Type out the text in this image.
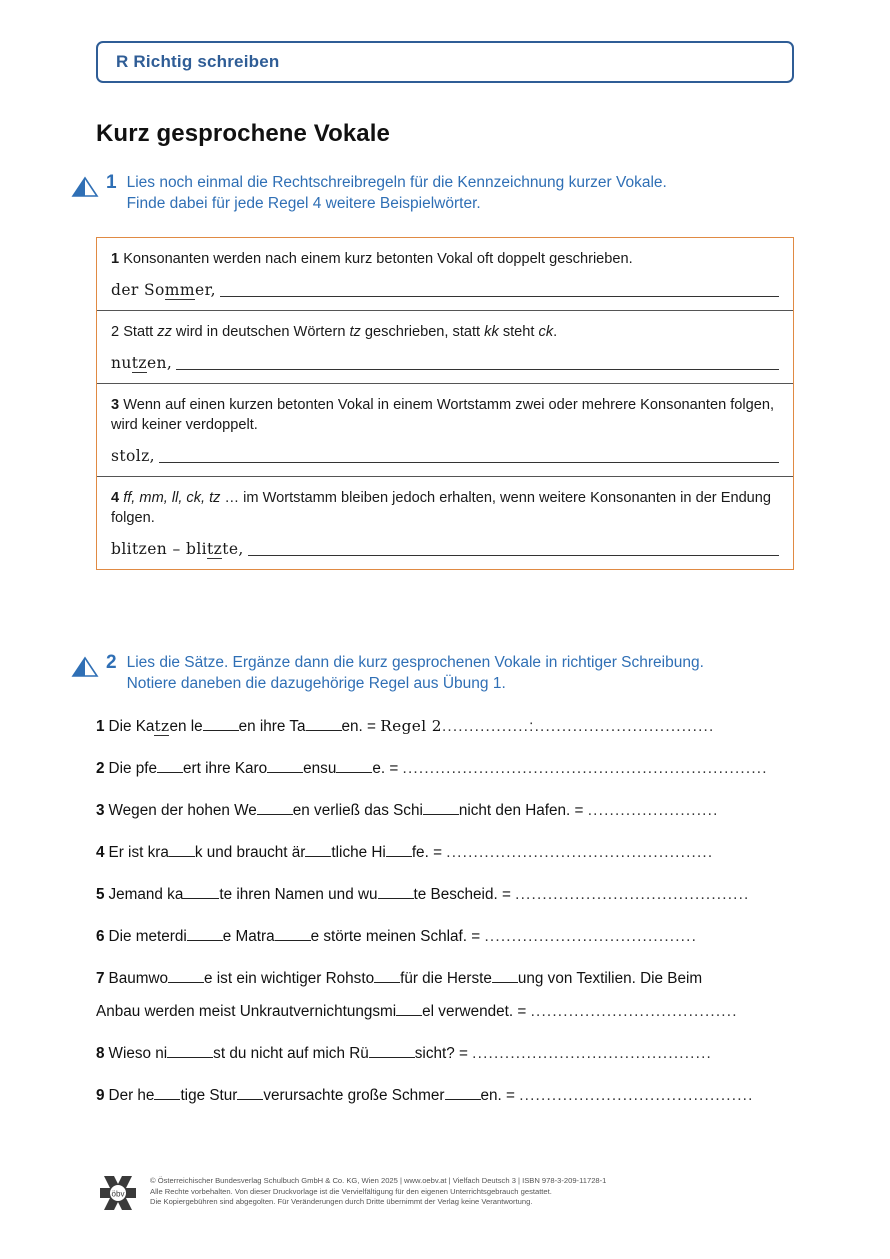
R Richtig schreiben
Kurz gesprochene Vokale
1 Lies noch einmal die Rechtschreibregeln für die Kennzeichnung kurzer Vokale.
Finde dabei für jede Regel 4 weitere Beispielwörter.
1 Konsonanten werden nach einem kurz betonten Vokal oft doppelt geschrieben.
der Sommer,
2 Statt zz wird in deutschen Wörtern tz geschrieben, statt kk steht ck.
nutzen,
3 Wenn auf einen kurzen betonten Vokal in einem Wortstamm zwei oder mehrere Konsonanten folgen, wird keiner verdoppelt.
stolz,
4 ff, mm, ll, ck, tz … im Wortstamm bleiben jedoch erhalten, wenn weitere Konsonanten in der Endung folgen.
blitzen – blitzte,
2 Lies die Sätze. Ergänze dann die kurz gesprochenen Vokale in richtiger Schreibung.
Notiere daneben die dazugehörige Regel aus Übung 1.
1 Die Katzen le en ihre Ta en. = Regel 2................:.................................
2 Die pfe ert ihre Karo ensu e. = ...................................................................
3 Wegen der hohen We en verließ das Schi nicht den Hafen. = ........................
4 Er ist kra k und braucht är tliche Hi fe. = .................................................
5 Jemand ka te ihren Namen und wu te Bescheid. = ...........................................
6 Die meterdi e Matra e störte meinen Schlaf. = .......................................
7 Baumwo e ist ein wichtiger Rohsto für die Herste ung von Textilien. Die Beim
Anbau werden meist Unkrautvernichtungsmi el verwendet. = ......................................
8 Wieso ni	st du nicht auf mich Rü	sicht? = ............................................
9 Der he tige Stur verursachte große Schmer en. = ...........................................
öbv
© Österreichischer Bundesverlag Schulbuch GmbH & Co. KG, Wien 2025 | www.oebv.at | Vielfach Deutsch 3 | ISBN 978-3-209-11728-1
Alle Rechte vorbehalten. Von dieser Druckvorlage ist die Vervielfältigung für den eigenen Unterrichtsgebrauch gestattet.
Die Kopiergebühren sind abgegolten. Für Veränderungen durch Dritte übernimmt der Verlag keine Verantwortung.
